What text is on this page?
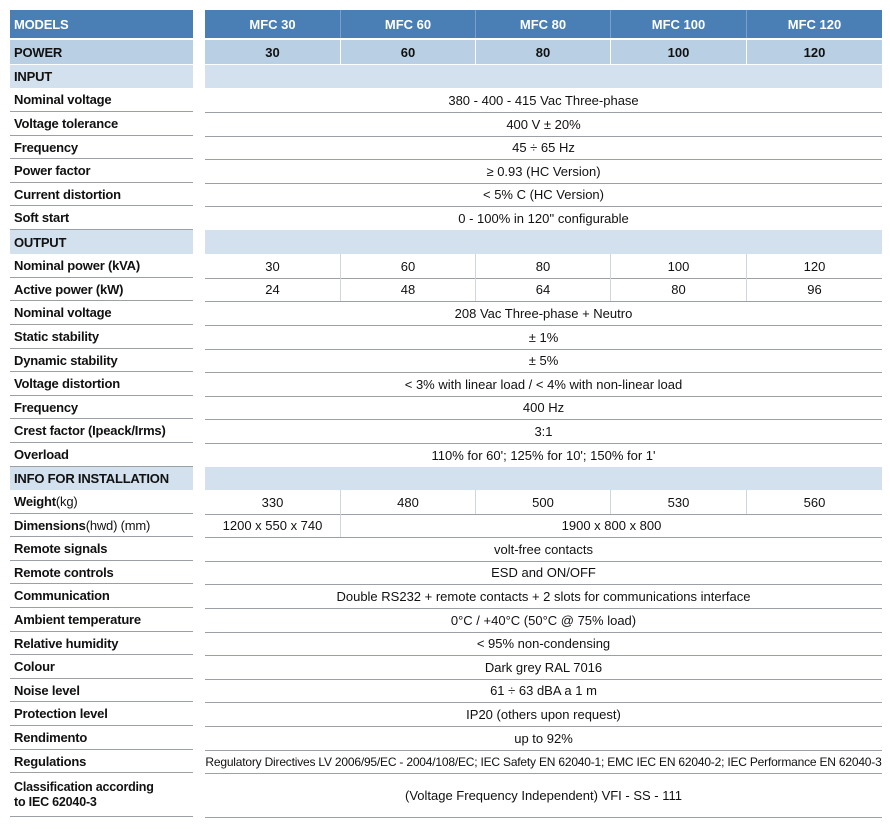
MODELS	MFC 30	MFC 60	MFC 80	MFC 100	MFC 120
POWER	30	60	80	100	120
INPUT
Nominal voltage	380 - 400 - 415 Vac Three-phase
Voltage tolerance	400 V ± 20%
Frequency	45 ÷ 65 Hz
Power factor	≥ 0.93 (HC Version)
Current distortion	< 5% C (HC Version)
Soft start	0 - 100% in 120'' configurable
OUTPUT
Nominal power (kVA)	30	60	80	100	120
Active power (kW)	24	48	64	80	96
Nominal voltage	208 Vac Three-phase + Neutro
Static stability	± 1%
Dynamic stability	± 5%
Voltage distortion	< 3% with linear load / < 4% with non-linear load
Frequency	400 Hz
Crest factor (Ipeack/Irms)	3:1
Overload	110% for 60'; 125% for 10'; 150% for 1'
INFO FOR INSTALLATION
Weight (kg)	330	480	500	530	560
Dimensions (hwd) (mm)	1200 x 550 x 740	1900 x 800 x 800
Remote signals	volt-free contacts
Remote controls	ESD and ON/OFF
Communication	Double RS232 + remote contacts + 2 slots for communications interface
Ambient temperature	0°C / +40°C (50°C @ 75% load)
Relative humidity	< 95% non-condensing
Colour	Dark grey RAL 7016
Noise level	61 ÷ 63 dBA a 1 m
Protection level	IP20 (others upon request)
Rendimento	up to 92%
Regulations	Regulatory Directives LV 2006/95/EC - 2004/108/EC; IEC Safety EN 62040-1; EMC IEC EN 62040-2; IEC Performance EN 62040-3
Classification according
to IEC 62040-3	(Voltage Frequency Independent) VFI - SS - 111
